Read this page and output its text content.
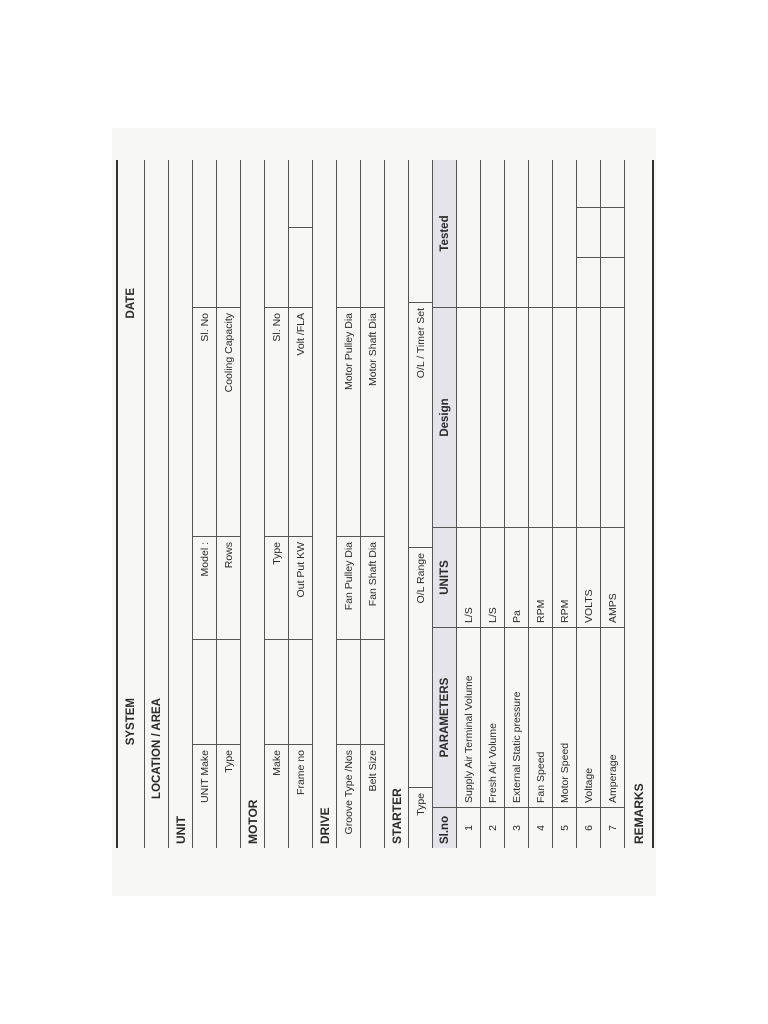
SYSTEM
DATE
LOCATION / AREA
UNIT
UNIT Make
Model :
Sl. No
Type
Rows
Cooling Capacity
MOTOR
Make
Type
Sl. No
Frame no
Out Put KW
Volt /FLA
DRIVE	Groove Type /Nos
Fan Pulley Dia
Motor Pulley Dia
Belt Size
Fan Shaft Dia
Motor Shaft Dia
STARTER	Type
O/L Range
O/L / Timer Set
Sl.no
PARAMETERS
UNITS
Design
Tested
1
Supply Air Terminal Volume
L/S
2
Fresh Air Volume
L/S
3
External Static pressure
Pa
4
Fan Speed
RPM
5
Motor Speed
RPM
6
Voltage
VOLTS
7
Amperage
AMPS
REMARKS
